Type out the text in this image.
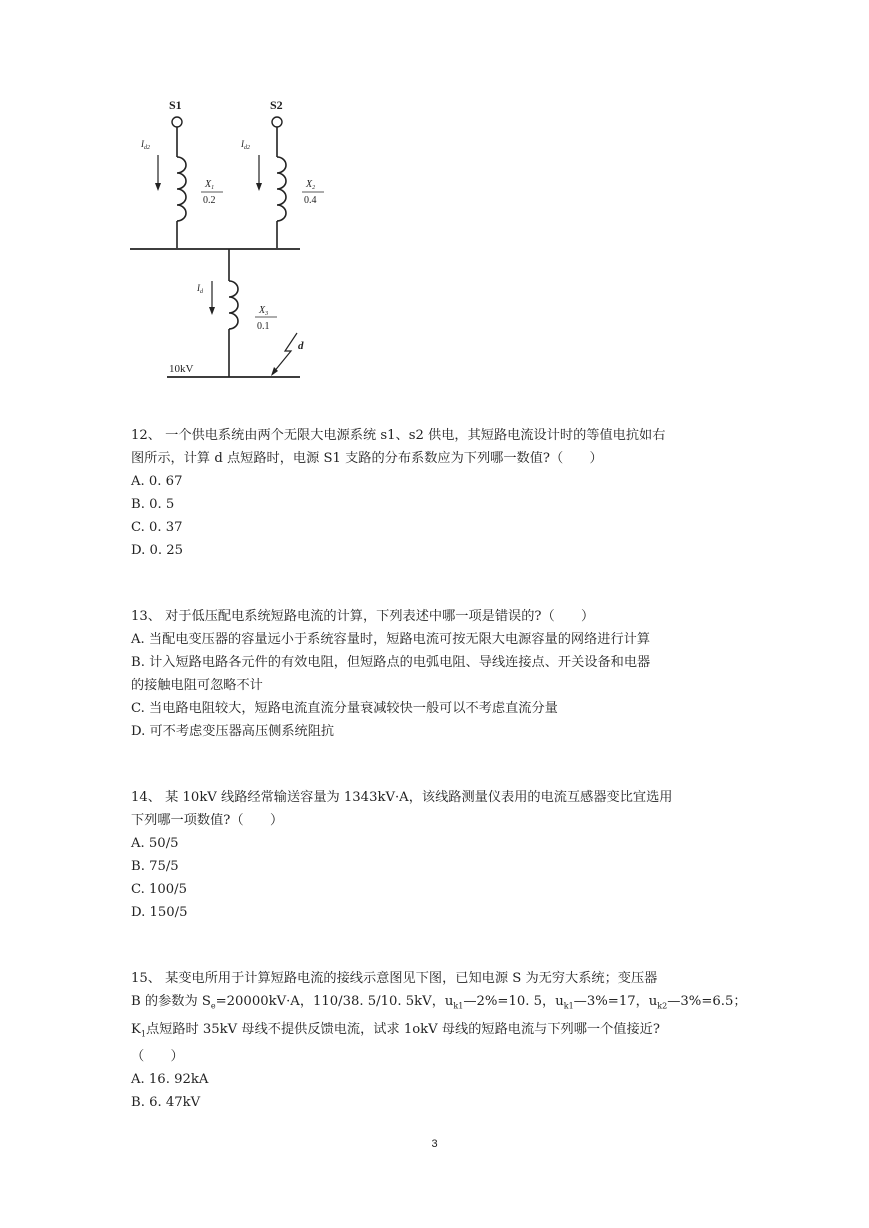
S1
$I_{d2}$
$X_1$
0.2
S2
$I_{d2}$
$X_2$
0.4
$I_d$
$X_3$
0.1
d
10kV
12、 一个供电系统由两个无限大电源系统 s1、s2 供电，其短路电流设计时的等值电抗如右
图所示，计算 d 点短路时，电源 S1 支路的分布系数应为下列哪一数值?（　　）
A. 0. 67
B. 0. 5
C. 0. 37
D. 0. 25
13、 对于低压配电系统短路电流的计算，下列表述中哪一项是错误的?（　　）
A. 当配电变压器的容量远小于系统容量时，短路电流可按无限大电源容量的网络进行计算
B. 计入短路电路各元件的有效电阻，但短路点的电弧电阻、导线连接点、开关设备和电器
的接触电阻可忽略不计
C. 当电路电阻较大，短路电流直流分量衰减较快一般可以不考虑直流分量
D. 可不考虑变压器高压侧系统阻抗
14、 某 10kV 线路经常输送容量为 1343kV·A，该线路测量仪表用的电流互感器变比宜选用
下列哪一项数值?（　　）
A. 50/5
B. 75/5
C. 100/5
D. 150/5
15、 某变电所用于计算短路电流的接线示意图见下图，已知电源 S 为无穷大系统；变压器
B 的参数为 $S_e=20000kV\cdot A$，110/38. 5/10. 5kV，$u_{k1}—2\%=10$. 5，$u_{k1}—3\%=17$，$u_{k2}—3\%=6.5$；
$K_1$点短路时 35kV 母线不提供反馈电流，试求 1okV 母线的短路电流与下列哪一个值接近?
（　　）
A. 16. 92kA
B. 6. 47kV
3
